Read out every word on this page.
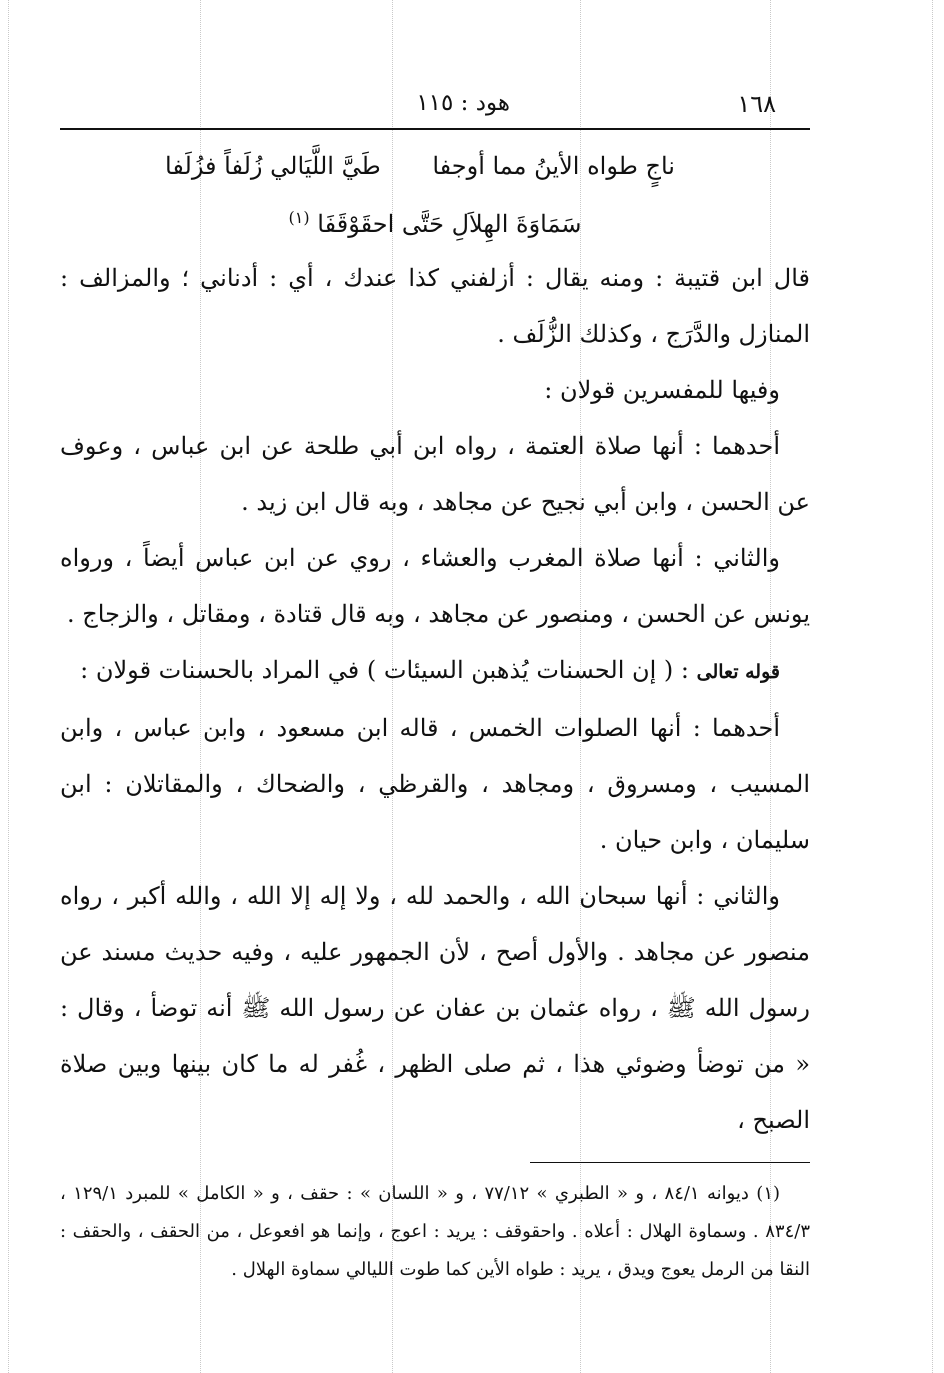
١٦٨
هود : ١١٥
ناجٍ طواه الأينُ مما أوجفا طَيَّ اللَّيَالي زُلَفاً فزُلَفا
سَمَاوَةَ الهِلاَلِ حَتَّى احقَوْقَفَا $^{(١)}$

قال ابن قتيبة : ومنه يقال : أزلفني كذا عندك ، أي : أدناني ؛ والمزالف : المنازل والدَّرَج ، وكذلك الزُّلَف .

وفيها للمفسرين قولان :

أحدهما : أنها صلاة العتمة ، رواه ابن أبي طلحة عن ابن عباس ، وعوف عن الحسن ، وابن أبي نجيح عن مجاهد ، وبه قال ابن زيد .

والثاني : أنها صلاة المغرب والعشاء ، روي عن ابن عباس أيضاً ، ورواه يونس عن الحسن ، ومنصور عن مجاهد ، وبه قال قتادة ، ومقاتل ، والزجاج .

قوله تعالى : ( إن الحسنات يُذهبن السيئات ) في المراد بالحسنات قولان :

أحدهما : أنها الصلوات الخمس ، قاله ابن مسعود ، وابن عباس ، وابن المسيب ، ومسروق ، ومجاهد ، والقرظي ، والضحاك ، والمقاتلان : ابن سليمان ، وابن حيان .

والثاني : أنها سبحان الله ، والحمد لله ، ولا إله إلا الله ، والله أكبر ، رواه منصور عن مجاهد . والأول أصح ، لأن الجمهور عليه ، وفيه حديث مسند عن رسول الله ﷺ ، رواه عثمان بن عفان عن رسول الله ﷺ أنه توضأ ، وقال : « من توضأ وضوئي هذا ، ثم صلى الظهر ، غُفر له ما كان بينها وبين صلاة الصبح ،

(١) ديوانه ٨٤/١ ، و « الطبري » ٧٧/١٢ ، و « اللسان » : حقف ، و « الكامل » للمبرد ١٢٩/١ ، ٨٣٤/٣ . وسماوة الهلال : أعلاه . واحقوقف : يريد : اعوج ، وإنما هو افعوعل ، من الحقف ، والحقف : النقا من الرمل يعوج ويدق ، يريد : طواه الأين كما طوت الليالي سماوة الهلال .
